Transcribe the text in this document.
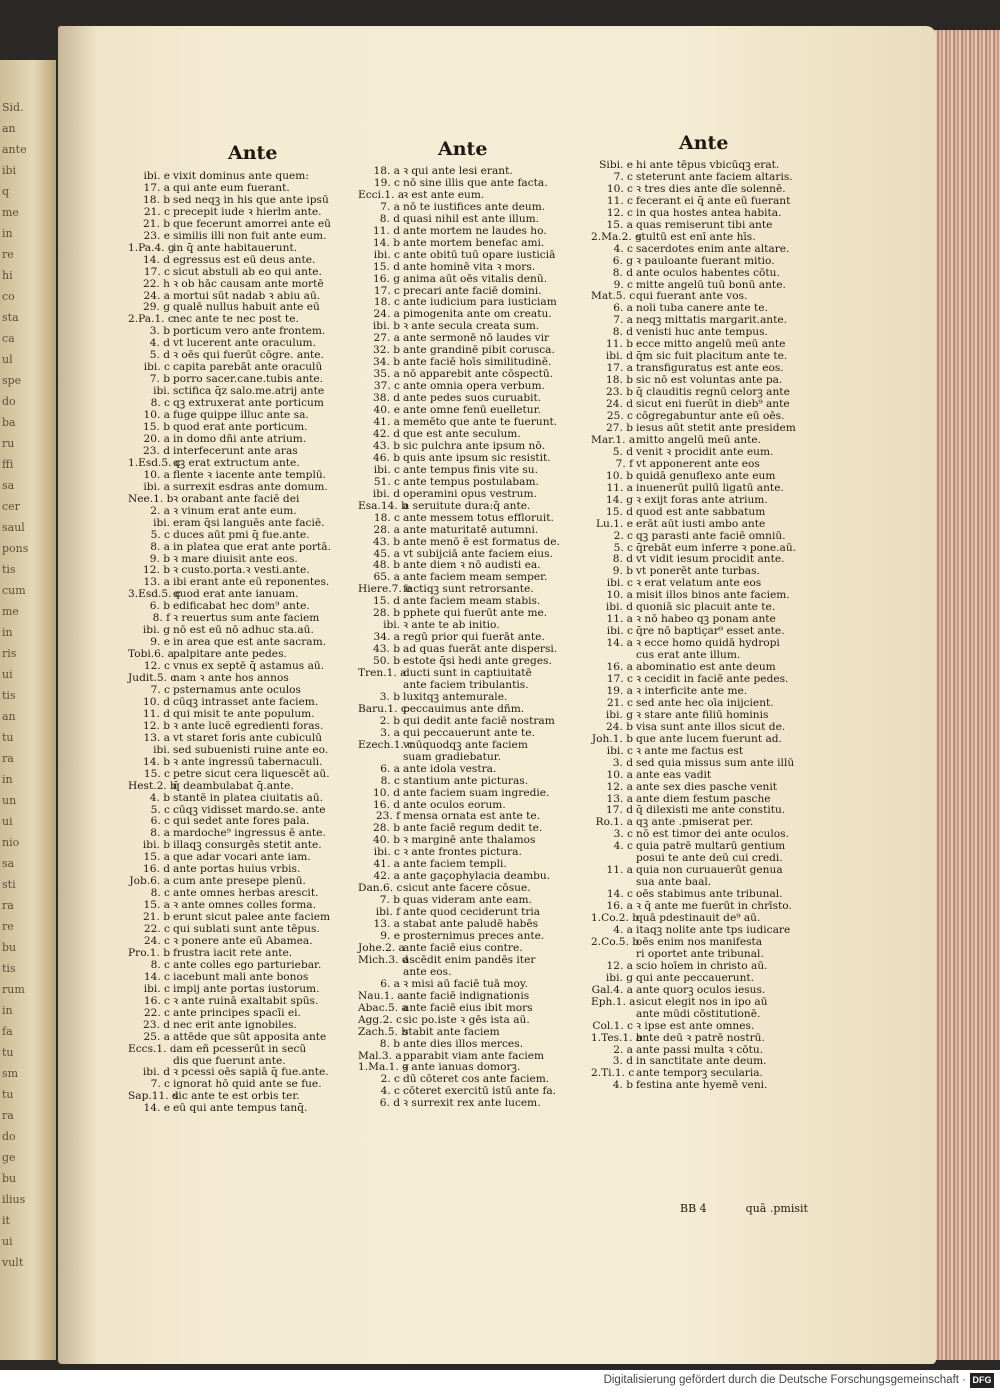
Sid.
an
ante
ibi
q
me
in
re
hi
co
sta
ca
ul
spe
do
ba
ru
ffi
sa
cer
saul
pons
tis
cum
me
in
ris
ui
tis
an
tu
ra
in
un
ui
nio
sa
sti
ra
re
bu
tis
rum
in
fa
tu
sm
tu
ra
do
ge
bu
ilius
it
ui
vult
Ante	Ante	Ante
ibi. e vixit dominus ante quem:
17. a qui ante eum fuerant.
18. b sed neqꝫ in his que ante ipsū
21. c precepit iude ꝛ hierlm ante.
21. b que fecerunt amorrei ante eū
23. e similis illi non fuit ante eum.
1.Pa.4. g
in q̄ ante habitauerunt.
14. d egressus est eū deus ante.
17. c sicut abstuli ab eo qui ante.
22. h ꝛ ob hāc causam ante mortē
24. a mortui sūt nadab ꝛ abiu aū.
29. g qualē nullus habuit ante eū
2.Pa.1. c nec ante te nec post te.
3. b porticum vero ante frontem.
4. d vt lucerent ante oraculum.
5. d ꝛ oēs qui fuerūt cōgre. ante.
ibi. c capita parebāt ante oraculū
7. b porro sacer.cane.tubis ante.
ibi. sctifica q̄z salo.me.atrij ante
8. c qꝫ extruxerat ante porticum
10. a fuge quippe illuc ante sa.
15. b quod erat ante porticum.
20. a in domo dñi ante atrium.
23. d interfecerunt ante aras
1.Esd.5. c
qꝫ erat extructum ante.
10. a flente ꝛ iacente ante templū.
ibi. a surrexit esdras ante domum.
Nee.1. b ꝛ orabant ante faciē dei
2. a ꝛ vinum erat ante eum.
ibi. eram q̄si languēs ante faciē.
5. c duces aūt pmi q̄ fue.ante.
8. a in platea que erat ante portā.
9. b ꝛ mare diuisit ante eos.
12. b ꝛ custo.porta.ꝛ vesti.ante.
13. a ibi erant ante eū reponentes.
3.Esd.5. c
quod erat ante ianuam.
6. b edificabat hec dom⁹ ante.
8. f ꝛ reuertus sum ante faciem
ibi. g nō est eū nō adhuc sta.aū.
9. e in area que est ante sacram.
Tobi.6. a palpitare ante pedes.
12. c vnus ex septē q̄ astamus aū.
Judit.5. c
nam ꝛ ante hos annos
7. c psternamus ante oculos
10. d cūqꝫ intrasset ante faciem.
11. d qui misit te ante populum.
12. b ꝛ ante lucē egredienti foras.
13. a vt staret foris ante cubiculū
ibi. sed subuenisti ruine ante eo.
14. b ꝛ ante ingressū tabernaculi.
15. c petre sicut cera liquescēt aū.
Hest.2. b
q̄ deambulabat q̄.ante.
4. b stantē in platea ciuitatis aū.
5. c cūqꝫ vidisset mardo.se. ante
6. c qui sedet ante fores pala.
8. a mardoche⁹ ingressus ē ante.
ibi. b illaqꝫ consurgēs stetit ante.
15. a que adar vocari ante iam.
16. d ante portas huius vrbis.
Job.6. a cum ante presepe plenū.
8. c ante omnes herbas arescit.
15. a ꝛ ante omnes colles forma.
21. b erunt sicut palee ante faciem
22. c qui sublati sunt ante tēpus.
24. c ꝛ ponere ante eū Abamea.
Pro.1. b frustra iacit rete ante.
8. c ante colles ego parturiebar.
14. c iacebunt mali ante bonos
ibi. c impij ante portas iustorum.
16. c ꝛ ante ruinā exaltabit spūs.
22. c ante principes spacīi ei.
23. d nec erit ante ignobiles.
25. a attēde que sūt apposita ante
Eccs.1. c
iam eñ pcesserūt in secū
dis que fuerunt ante.
ibi. d ꝛ pcessi oēs sapiā q̄ fue.ante.
7. c ignorat hō quid ante se fue.
Sap.11. d
sic ante te est orbis ter.
14. e eū qui ante tempus tanq̄.
18. a ꝛ qui ante lesi erant.
19. c nō sine illis que ante facta.
Ecci.1. a
ꝛ est ante eum.
7. a nō te iustifices ante deum.
8. d quasi nihil est ante illum.
11. d ante mortem ne laudes ho.
14. b ante mortem benefac ami.
ibi. c ante obitū tuū opare iusticiā
15. d ante hominē vita ꝛ mors.
16. g anima aūt oēs vitalis denū.
17. c precari ante faciē domini.
18. c ante iudicium para iusticiam
24. a pimogenita ante om creatu.
ibi. b ꝛ ante secula creata sum.
27. a ante sermonē nō laudes vir
32. b ante grandinē pibit corusca.
34. b ante faciē hoīs similitudinē.
35. a nō apparebit ante cōspectū.
37. c ante omnia opera verbum.
38. d ante pedes suos curuabit.
40. e ante omne fenū euelletur.
41. a memēto que ante te fuerunt.
42. d que est ante seculum.
43. b sic pulchra ante ipsum nō.
46. b quis ante ipsum sic resistit.
ibi. c ante tempus finis vite su.
51. c ante tempus postulabam.
ibi. d operamini opus vestrum.
Esa.14. b
a seruitute dura:q̄ ante.
18. c ante messem totus effloruit.
28. a ante maturitatē autumni.
43. b ante menō ē est formatus de.
45. a vt subijciā ante faciem eius.
48. b ante diem ꝛ nō audisti ea.
65. a ante faciem meam semper.
Hiere.7. e
factiqꝫ sunt retrorsante.
15. d ante faciem meam stabis.
28. b pphete qui fuerūt ante me.
ibi. ꝛ ante te ab initio.
34. a regū prior qui fuerāt ante.
43. b ad quas fuerāt ante dispersi.
50. b estote q̄si hedi ante greges.
Tren.1. a
ducti sunt in captiuitatē
ante faciem tribulantis.
3. b luxitqꝫ antemurale.
Baru.1. c
peccauimus ante dñm.
2. b qui dedit ante faciē nostram
3. a qui peccauerunt ante te.
Ezech.1. c
vnūquodqꝫ ante faciem
suam gradiebatur.
6. a ante idola vestra.
8. c stantium ante picturas.
10. d ante faciem suam ingredie.
16. d ante oculos eorum.
23. f mensa ornata est ante te.
28. b ante faciē regum dedit te.
40. b ꝛ marginē ante thalamos
ibi. c ꝛ ante frontes pictura.
41. a ante faciem templi.
42. a ante gaçophylacia deambu.
Dan.6. c sicut ante facere cōsue.
7. b quas videram ante eam.
ibi. f ante quod ceciderunt tria
13. a stabat ante paludē habēs
9. e prosternimus preces ante.
Johe.2. a
ante faciē eius contre.
Mich.3. d
ascēdit enim pandēs iter
ante eos.
6. a ꝛ misi aū faciē tuā moy.
Nau.1. a ante faciē indignationis
Abac.5. a
ante faciē eius ibit mors
Agg.2. c sic po.iste ꝛ gēs ista aū.
Zach.5. b
stabit ante faciem
8. b ante dies illos merces.
Mal.3. a pparabit viam ante faciem
1.Ma.1. g
ꝛ ante ianuas domorꝫ.
2. c dū cōteret cos ante faciem.
4. c cōteret exercitū istū ante fa.
6. d ꝛ surrexit rex ante lucem.
Sibi. e hi ante tēpus vbicūqꝫ erat.
7. c steterunt ante faciem altaris.
10. c ꝛ tres dies ante dīe solennē.
11. c fecerant ei q̄ ante eū fuerant
12. c in qua hostes antea habita.
15. a quas remiserunt tibi ante
2.Ma.2. g
stultū est enī ante hīs.
4. c sacerdotes enim ante altare.
6. g ꝛ pauloante fuerant mitio.
8. d ante oculos habentes cōtu.
9. c mitte angelū tuū bonū ante.
Mat.5. c qui fuerant ante vos.
6. a noli tuba canere ante te.
7. a neqꝫ mittatis margarit.ante.
8. d venisti huc ante tempus.
11. b ecce mitto angelū meū ante
ibi. d q̄m sic fuit placitum ante te.
17. a transfiguratus est ante eos.
18. b sic nō est voluntas ante pa.
23. b q̄ clauditis regnū celorꝫ ante
24. d sicut eni fuerūt in dieb⁹ ante
25. c cōgregabuntur ante eū oēs.
27. b iesus aūt stetit ante presidem
Mar.1. a mitto angelū meū ante.
5. d venit ꝛ procidit ante eum.
7. f vt apponerent ante eos
10. b quidā genuflexo ante eum
11. a inuenerūt pullū ligatū ante.
14. g ꝛ exijt foras ante atrium.
15. d quod est ante sabbatum
Lu.1. e erāt aūt iusti ambo ante
2. c qꝫ parasti ante faciē omniū.
5. c q̄rebāt eum inferre ꝛ pone.aū.
8. d vt vidit iesum procidit ante.
9. b vt ponerēt ante turbas.
ibi. c ꝛ erat velatum ante eos
10. a misit illos binos ante faciem.
ibi. d quoniā sic placuit ante te.
11. a ꝛ nō habeo qꝫ ponam ante
ibi. c q̄re nō baptiçar⁹ esset ante.
14. a ꝛ ecce homo quidā hydropi
cus erat ante illum.
16. a abominatio est ante deum
17. c ꝛ cecidit in faciē ante pedes.
19. a ꝛ interficite ante me.
21. c sed ante hec oīa inijcient.
ibi. g ꝛ stare ante filiū hominis
24. b visa sunt ante illos sicut de.
Joh.1. b que ante lucem fuerunt ad.
ibi. c ꝛ ante me factus est
3. d sed quia missus sum ante illū
10. a ante eas vadit
12. a ante sex dies pasche venit
13. a ante diem festum pasche
17. d q̄ dilexisti me ante constitu.
Ro.1. a qꝫ ante .pmiserat per.
3. c nō est timor dei ante oculos.
4. c quia patrē multarū gentium
posui te ante deū cui credi.
11. a quia non curuauerūt genua
sua ante baal.
14. c oēs stabimus ante tribunal.
16. a ꝛ q̄ ante me fuerūt in chrīsto.
1.Co.2. b
quā pdestinauit de⁹ aū.
4. a itaqꝫ nolite ante tps iudicare
2.Co.5. b
oēs enim nos manifesta
ri oportet ante tribunal.
12. a scio hoīem in christo aū.
ibi. g qui ante peccauerunt.
Gal.4. a ante quorꝫ oculos iesus.
Eph.1. a sicut elegit nos in ipo aū
ante mūdi cōstitutionē.
Col.1. c ꝛ ipse est ante omnes.
1.Tes.1. b
ante deū ꝛ patrē nostrū.
2. a ante passi multa ꝛ cōtu.
3. d in sanctitate ante deum.
2.Ti.1. c ante temporꝫ secularia.
4. b festina ante hyemē veni.
BB 4	quā .pmisit
Digitalisierung gefördert durch die Deutsche Forschungsgemeinschaft · DFG
